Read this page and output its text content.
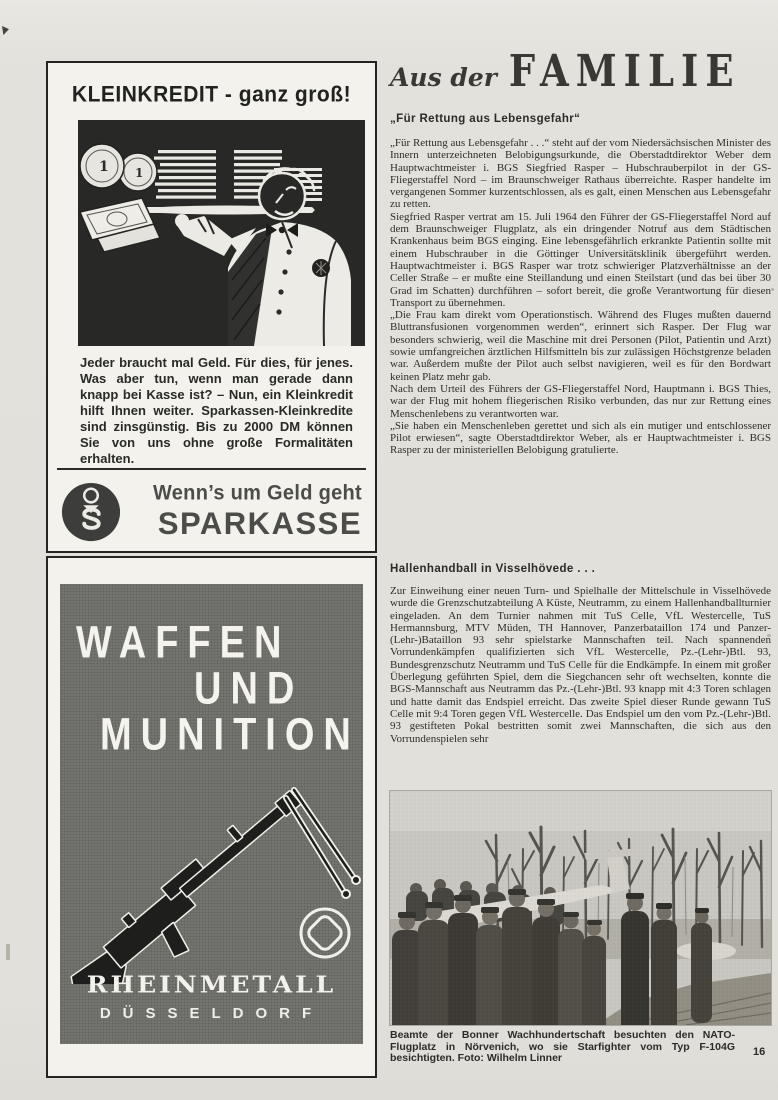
KLEINKREDIT - ganz groß!
1 1

Jeder braucht mal Geld. Für dies, für jenes. Was aber tun, wenn man gerade dann knapp bei Kasse ist? – Nun, ein Kleinkredit hilft Ihnen weiter. Sparkassen-Kleinkredite sind zinsgünstig. Bis zu 2000 DM können Sie von uns ohne große Formalitäten erhalten.

Wenn’s um Geld geht
SPARKASSE
WAFFEN
UND
MUNITION
RHEINMETALL
DÜSSELDORF
Aus der FAMILIE
„Für Rettung aus Lebensgefahr“

„Für Rettung aus Lebensgefahr . . .“ steht auf der vom Niedersächsischen Minister des Innern unterzeichneten Belobigungsurkunde, die Oberstadtdirektor Weber dem Hauptwachtmeister i. BGS Siegfried Rasper – Hubschrauberpilot in der GS-Fliegerstaffel Nord – im Braunschweiger Rathaus überreichte. Rasper handelte im vergangenen Sommer kurzentschlossen, als es galt, einen Menschen aus Lebensgefahr zu retten.

Siegfried Rasper vertrat am 15. Juli 1964 den Führer der GS-Fliegerstaffel Nord auf dem Braunschweiger Flugplatz, als ein dringender Notruf aus dem Städtischen Krankenhaus beim BGS einging. Eine lebensgefährlich erkrankte Patientin sollte mit einem Hubschrauber in die Göttinger Universitätsklinik übergeführt werden. Hauptwachtmeister i. BGS Rasper war trotz schwieriger Platzverhältnisse an der Celler Straße – er mußte eine Steillandung und einen Steilstart (und das bei über 30 Grad im Schatten) durchführen – sofort bereit, die große Verantwortung für diesen Transport zu übernehmen.

„Die Frau kam direkt vom Operationstisch. Während des Fluges mußten dauernd Bluttransfusionen vorgenommen werden“, erinnert sich Rasper. Der Flug war besonders schwierig, weil die Maschine mit drei Personen (Pilot, Patientin und Arzt) sowie umfangreichen ärztlichen Hilfsmitteln bis zur zulässigen Höchstgrenze beladen war. Außerdem mußte der Pilot auch selbst navigieren, weil es für den Bordwart keinen Platz mehr gab.

Nach dem Urteil des Führers der GS-Fliegerstaffel Nord, Hauptmann i. BGS Thies, war der Flug mit hohem fliegerischen Risiko verbunden, das nur zur Rettung eines Menschenlebens zu verantworten war.

„Sie haben ein Menschenleben gerettet und sich als ein mutiger und entschlossener Pilot erwiesen“, sagte Oberstadtdirektor Weber, als er Hauptwachtmeister i. BGS Rasper zu der ministeriellen Belobigung gratulierte.

Hallenhandball in Visselhövede . . .

Zur Einweihung einer neuen Turn- und Spielhalle der Mittelschule in Visselhövede wurde die Grenzschutzabteilung A Küste, Neutramm, zu einem Hallenhandballturnier eingeladen. An dem Turnier nahmen mit TuS Celle, VfL Westercelle, TuS Hermannsburg, MTV Müden, TH Hannover, Panzerbataillon 174 und Panzer-(Lehr-)Bataillon 93 sehr spielstarke Mannschaften teil. Nach spannenden Vorrundenkämpfen qualifizierten sich VfL Westercelle, Pz.-(Lehr-)Btl. 93, Bundesgrenzschutz Neutramm und TuS Celle für die Endkämpfe. In einem mit großer Überlegung geführten Spiel, dem die Siegchancen sehr oft wechselten, konnte die BGS-Mannschaft aus Neutramm das Pz.-(Lehr-)Btl. 93 knapp mit 4:3 Toren schlagen und hatte damit das Endspiel erreicht. Das zweite Spiel dieser Runde gewann TuS Celle mit 9:4 Toren gegen VfL Westercelle. Das Endspiel um den vom Pz.-(Lehr-)Btl. 93 gestifteten Pokal bestritten somit zwei Mannschaften, die sich aus den Vorrundenspielen sehr

Beamte der Bonner Wachhundertschaft besuchten den NATO-Flugplatz in Nörvenich, wo sie Starfighter vom Typ F-104G besichtigten. Foto: Wilhelm Linner	16
